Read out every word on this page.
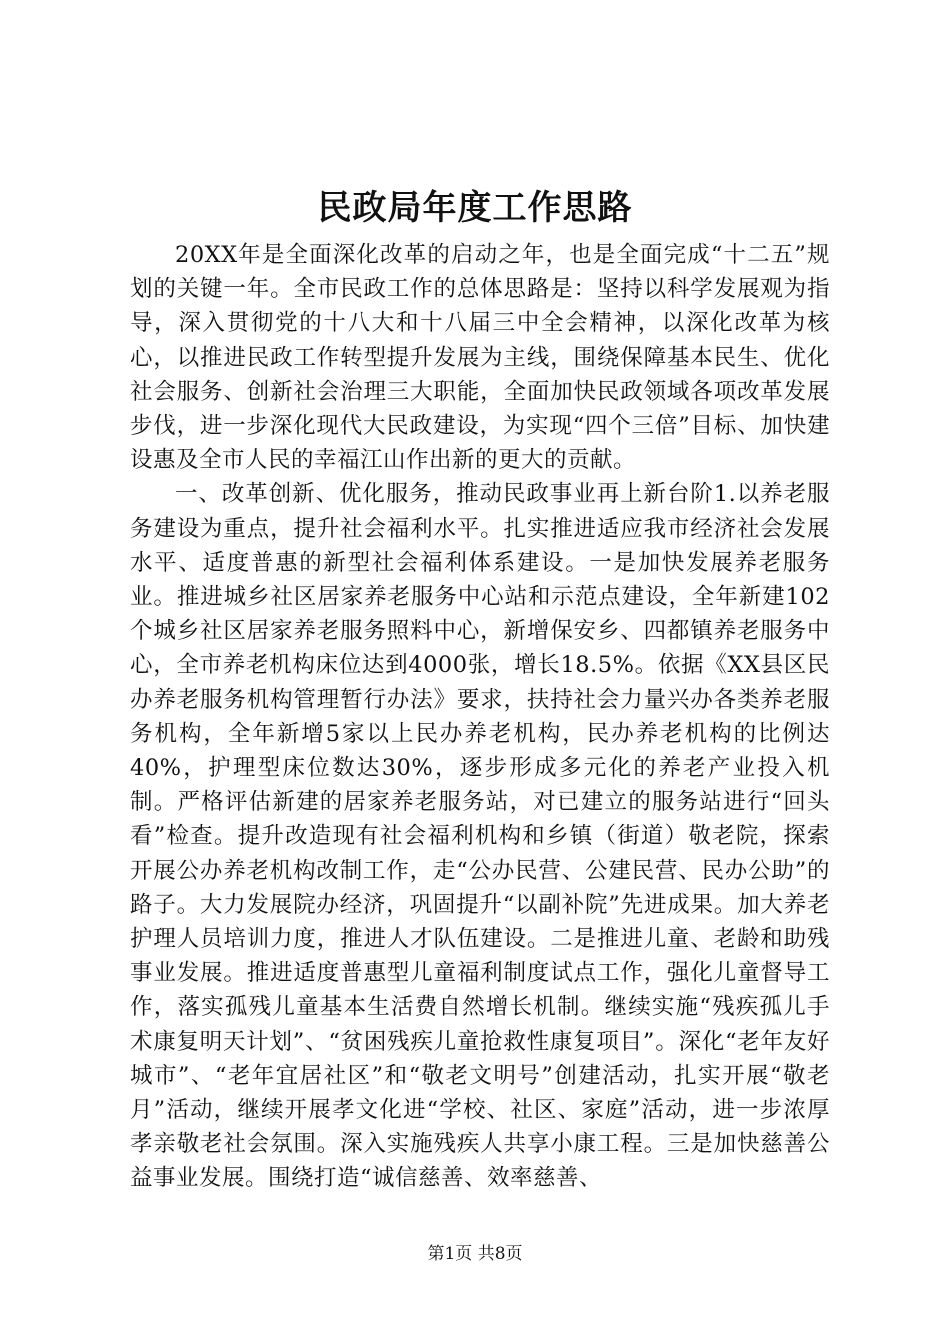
民政局年度工作思路

20XX年是全面深化改革的启动之年，也是全面完成“十二五”规划的关键一年。全市民政工作的总体思路是：坚持以科学发展观为指导，深入贯彻党的十八大和十八届三中全会精神，以深化改革为核心，以推进民政工作转型提升发展为主线，围绕保障基本民生、优化社会服务、创新社会治理三大职能，全面加快民政领域各项改革发展步伐，进一步深化现代大民政建设，为实现“四个三倍”目标、加快建设惠及全市人民的幸福江山作出新的更大的贡献。

一、改革创新、优化服务，推动民政事业再上新台阶1.以养老服务建设为重点，提升社会福利水平。扎实推进适应我市经济社会发展水平、适度普惠的新型社会福利体系建设。一是加快发展养老服务业。推进城乡社区居家养老服务中心站和示范点建设，全年新建102个城乡社区居家养老服务照料中心，新增保安乡、四都镇养老服务中心，全市养老机构床位达到4000张，增长18.5%。依据《XX县区民办养老服务机构管理暂行办法》要求，扶持社会力量兴办各类养老服务机构，全年新增5家以上民办养老机构，民办养老机构的比例达40%，护理型床位数达30%，逐步形成多元化的养老产业投入机制。严格评估新建的居家养老服务站，对已建立的服务站进行“回头看”检查。提升改造现有社会福利机构和乡镇（街道）敬老院，探索开展公办养老机构改制工作，走“公办民营、公建民营、民办公助”的路子。大力发展院办经济，巩固提升“以副补院”先进成果。加大养老护理人员培训力度，推进人才队伍建设。二是推进儿童、老龄和助残事业发展。推进适度普惠型儿童福利制度试点工作，强化儿童督导工作，落实孤残儿童基本生活费自然增长机制。继续实施“残疾孤儿手术康复明天计划”、“贫困残疾儿童抢救性康复项目”。深化“老年友好城市”、“老年宜居社区”和“敬老文明号”创建活动，扎实开展“敬老月”活动，继续开展孝文化进“学校、社区、家庭”活动，进一步浓厚孝亲敬老社会氛围。深入实施残疾人共享小康工程。三是加快慈善公益事业发展。围绕打造“诚信慈善、效率慈善、

第1页 共8页
